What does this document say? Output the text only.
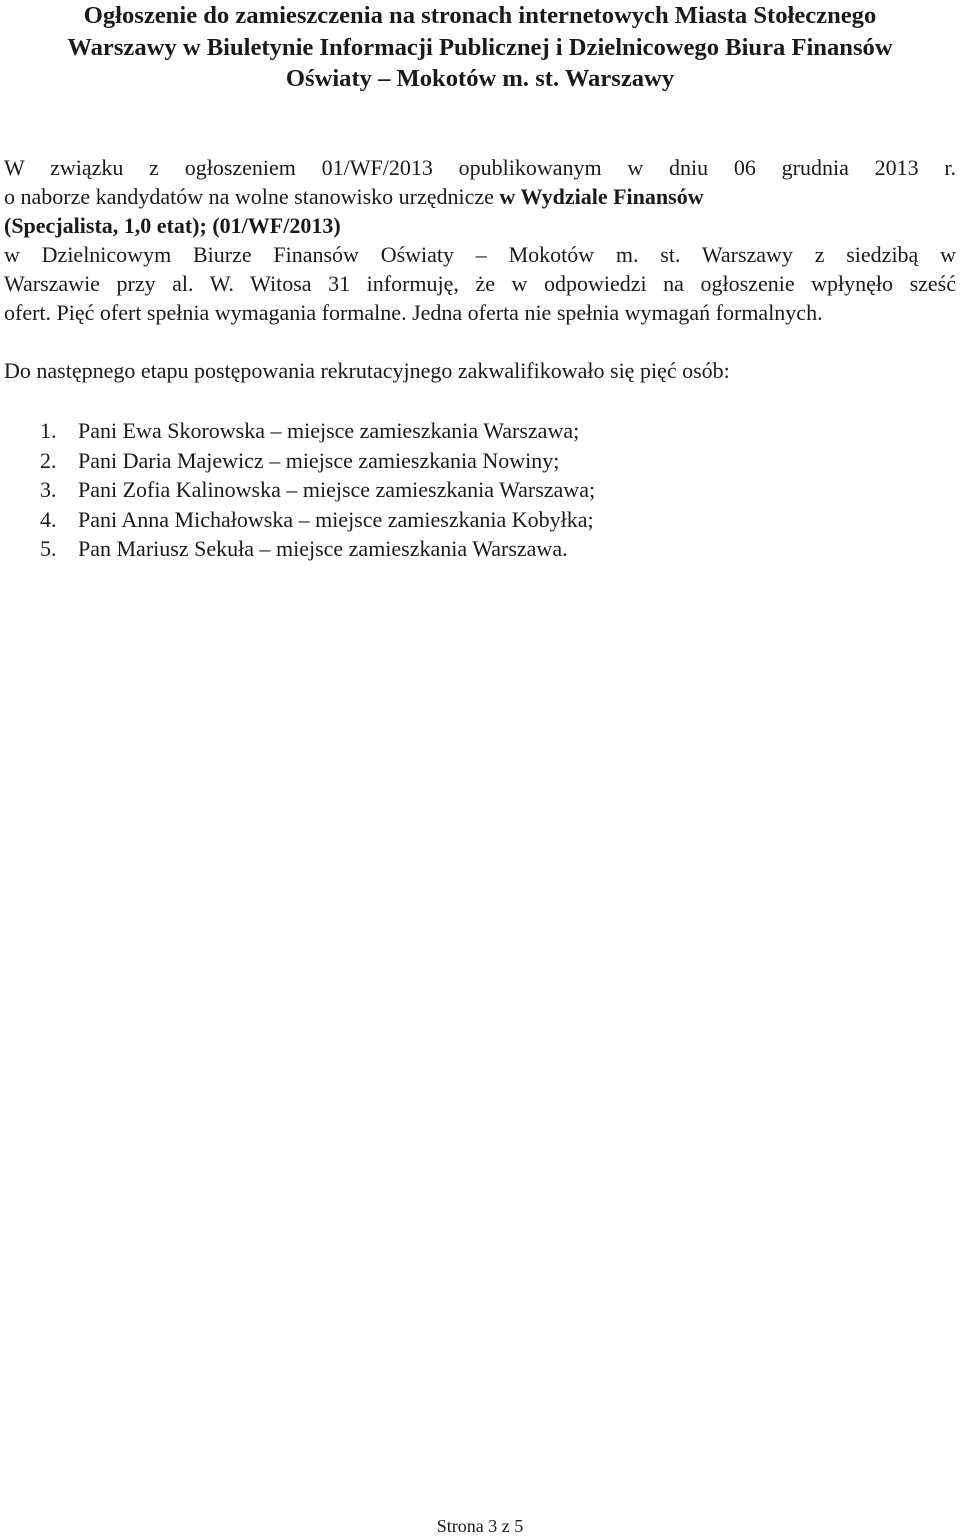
Ogłoszenie do zamieszczenia na stronach internetowych Miasta Stołecznego
Warszawy w Biuletynie Informacji Publicznej i Dzielnicowego Biura Finansów
Oświaty – Mokotów m. st. Warszawy

W związku z ogłoszeniem 01/WF/2013 opublikowanym w dniu 06 grudnia 2013 r.

o naborze kandydatów na wolne stanowisko urzędnicze w Wydziale Finansów

(Specjalista, 1,0 etat); (01/WF/2013)

w Dzielnicowym Biurze Finansów Oświaty – Mokotów m. st. Warszawy z siedzibą w

Warszawie przy al. W. Witosa 31 informuję, że w odpowiedzi na ogłoszenie wpłynęło sześć

ofert. Pięć ofert spełnia wymagania formalne. Jedna oferta nie spełnia wymagań formalnych.

Do następnego etapu postępowania rekrutacyjnego zakwalifikowało się pięć osób:

1. Pani Ewa Skorowska – miejsce zamieszkania Warszawa;
2. Pani Daria Majewicz – miejsce zamieszkania Nowiny;
3. Pani Zofia Kalinowska – miejsce zamieszkania Warszawa;
4. Pani Anna Michałowska – miejsce zamieszkania Kobyłka;
5. Pan Mariusz Sekuła – miejsce zamieszkania Warszawa.
Strona 3 z 5
